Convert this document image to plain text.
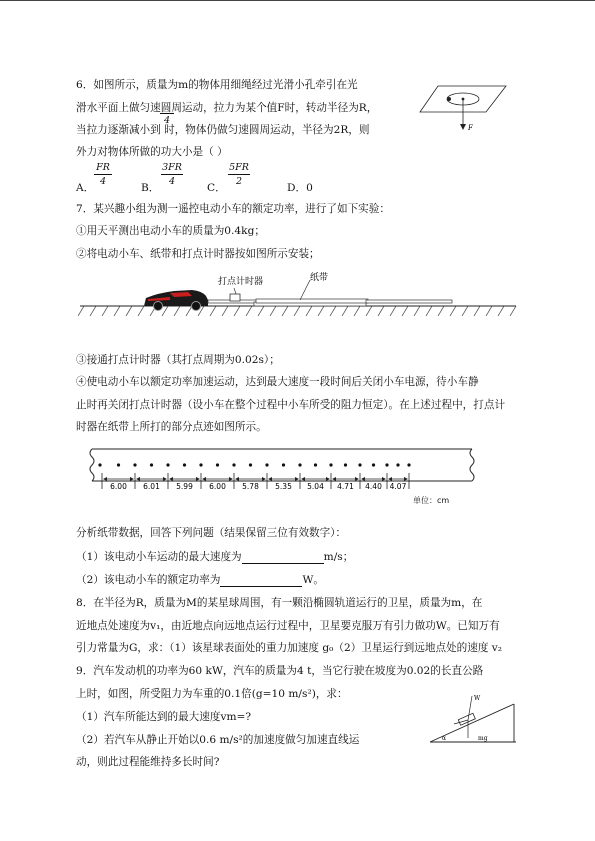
6．如图所示，质量为m的物体用细绳经过光滑小孔牵引在光
滑水平面上做匀速圆周运动，拉力为某个值F时，转动半径为R，
当拉力逐渐减小到 时，物体仍做匀速圆周运动，半径为2R，则
4
外力对物体所做的功大小是（ ）
F
A．
FR
4
B．
3FR
4
C．
5FR
2
D．0
7．某兴趣小组为测一遥控电动小车的额定功率，进行了如下实验：
①用天平测出电动小车的质量为0.4kg；
②将电动小车、纸带和打点计时器按如图所示安装；
打点计时器	纸带
③接通打点计时器（其打点周期为0.02s）；
④使电动小车以额定功率加速运动，达到最大速度一段时间后关闭小车电源，待小车静
止时再关闭打点计时器（设小车在整个过程中小车所受的阻力恒定）。在上述过程中，打点计
时器在纸带上所打的部分点迹如图所示。
6.00 6.01 5.99 6.00 5.78 5.35 5.04 4.71 4.40 4.07
单位：cm
分析纸带数据，回答下列问题（结果保留三位有效数字）：
（1）该电动小车运动的最大速度为	m/s；
（2）该电动小车的额定功率为	W。
8．在半径为R，质量为M的某星球周围，有一颗沿椭圆轨道运行的卫星，质量为m，在
近地点处速度为v₁，由近地点向远地点运行过程中，卫星要克服万有引力做功W。已知万有
引力常量为G，求：（1）该星球表面处的重力加速度 g₀（2）卫星运行到远地点处的速度 v₂
9．汽车发动机的功率为60 kW，汽车的质量为4 t，当它行驶在坡度为0.02的长直公路
上时，如图，所受阻力为车重的0.1倍(g=10 m/s²)，求：
（1）汽车所能达到的最大速度vm=?
（2）若汽车从静止开始以0.6 m/s²的加速度做匀加速直线运
动，则此过程能维持多长时间?
W
α	mg
